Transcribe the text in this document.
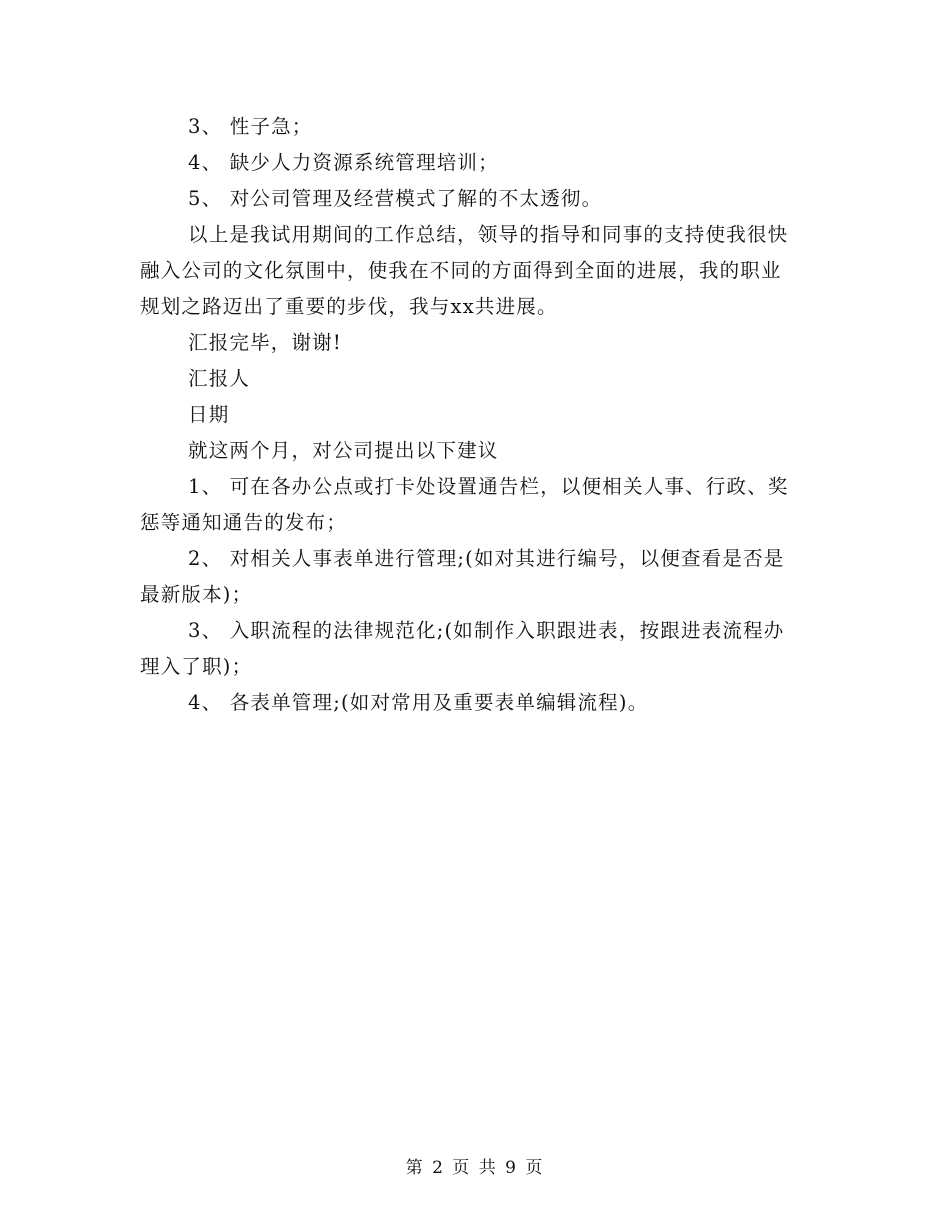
3、 性子急；

4、 缺少人力资源系统管理培训；

5、 对公司管理及经营模式了解的不太透彻。

以上是我试用期间的工作总结，领导的指导和同事的支持使我很快融入公司的文化氛围中，使我在不同的方面得到全面的进展，我的职业规划之路迈出了重要的步伐，我与xx共进展。

汇报完毕，谢谢!

汇报人

日期

就这两个月，对公司提出以下建议

1、 可在各办公点或打卡处设置通告栏，以便相关人事、行政、奖惩等通知通告的发布；

2、 对相关人事表单进行管理;(如对其进行编号，以便查看是否是最新版本)；

3、 入职流程的法律规范化;(如制作入职跟进表，按跟进表流程办理入了职)；

4、 各表单管理;(如对常用及重要表单编辑流程)。

第 2 页 共 9 页
